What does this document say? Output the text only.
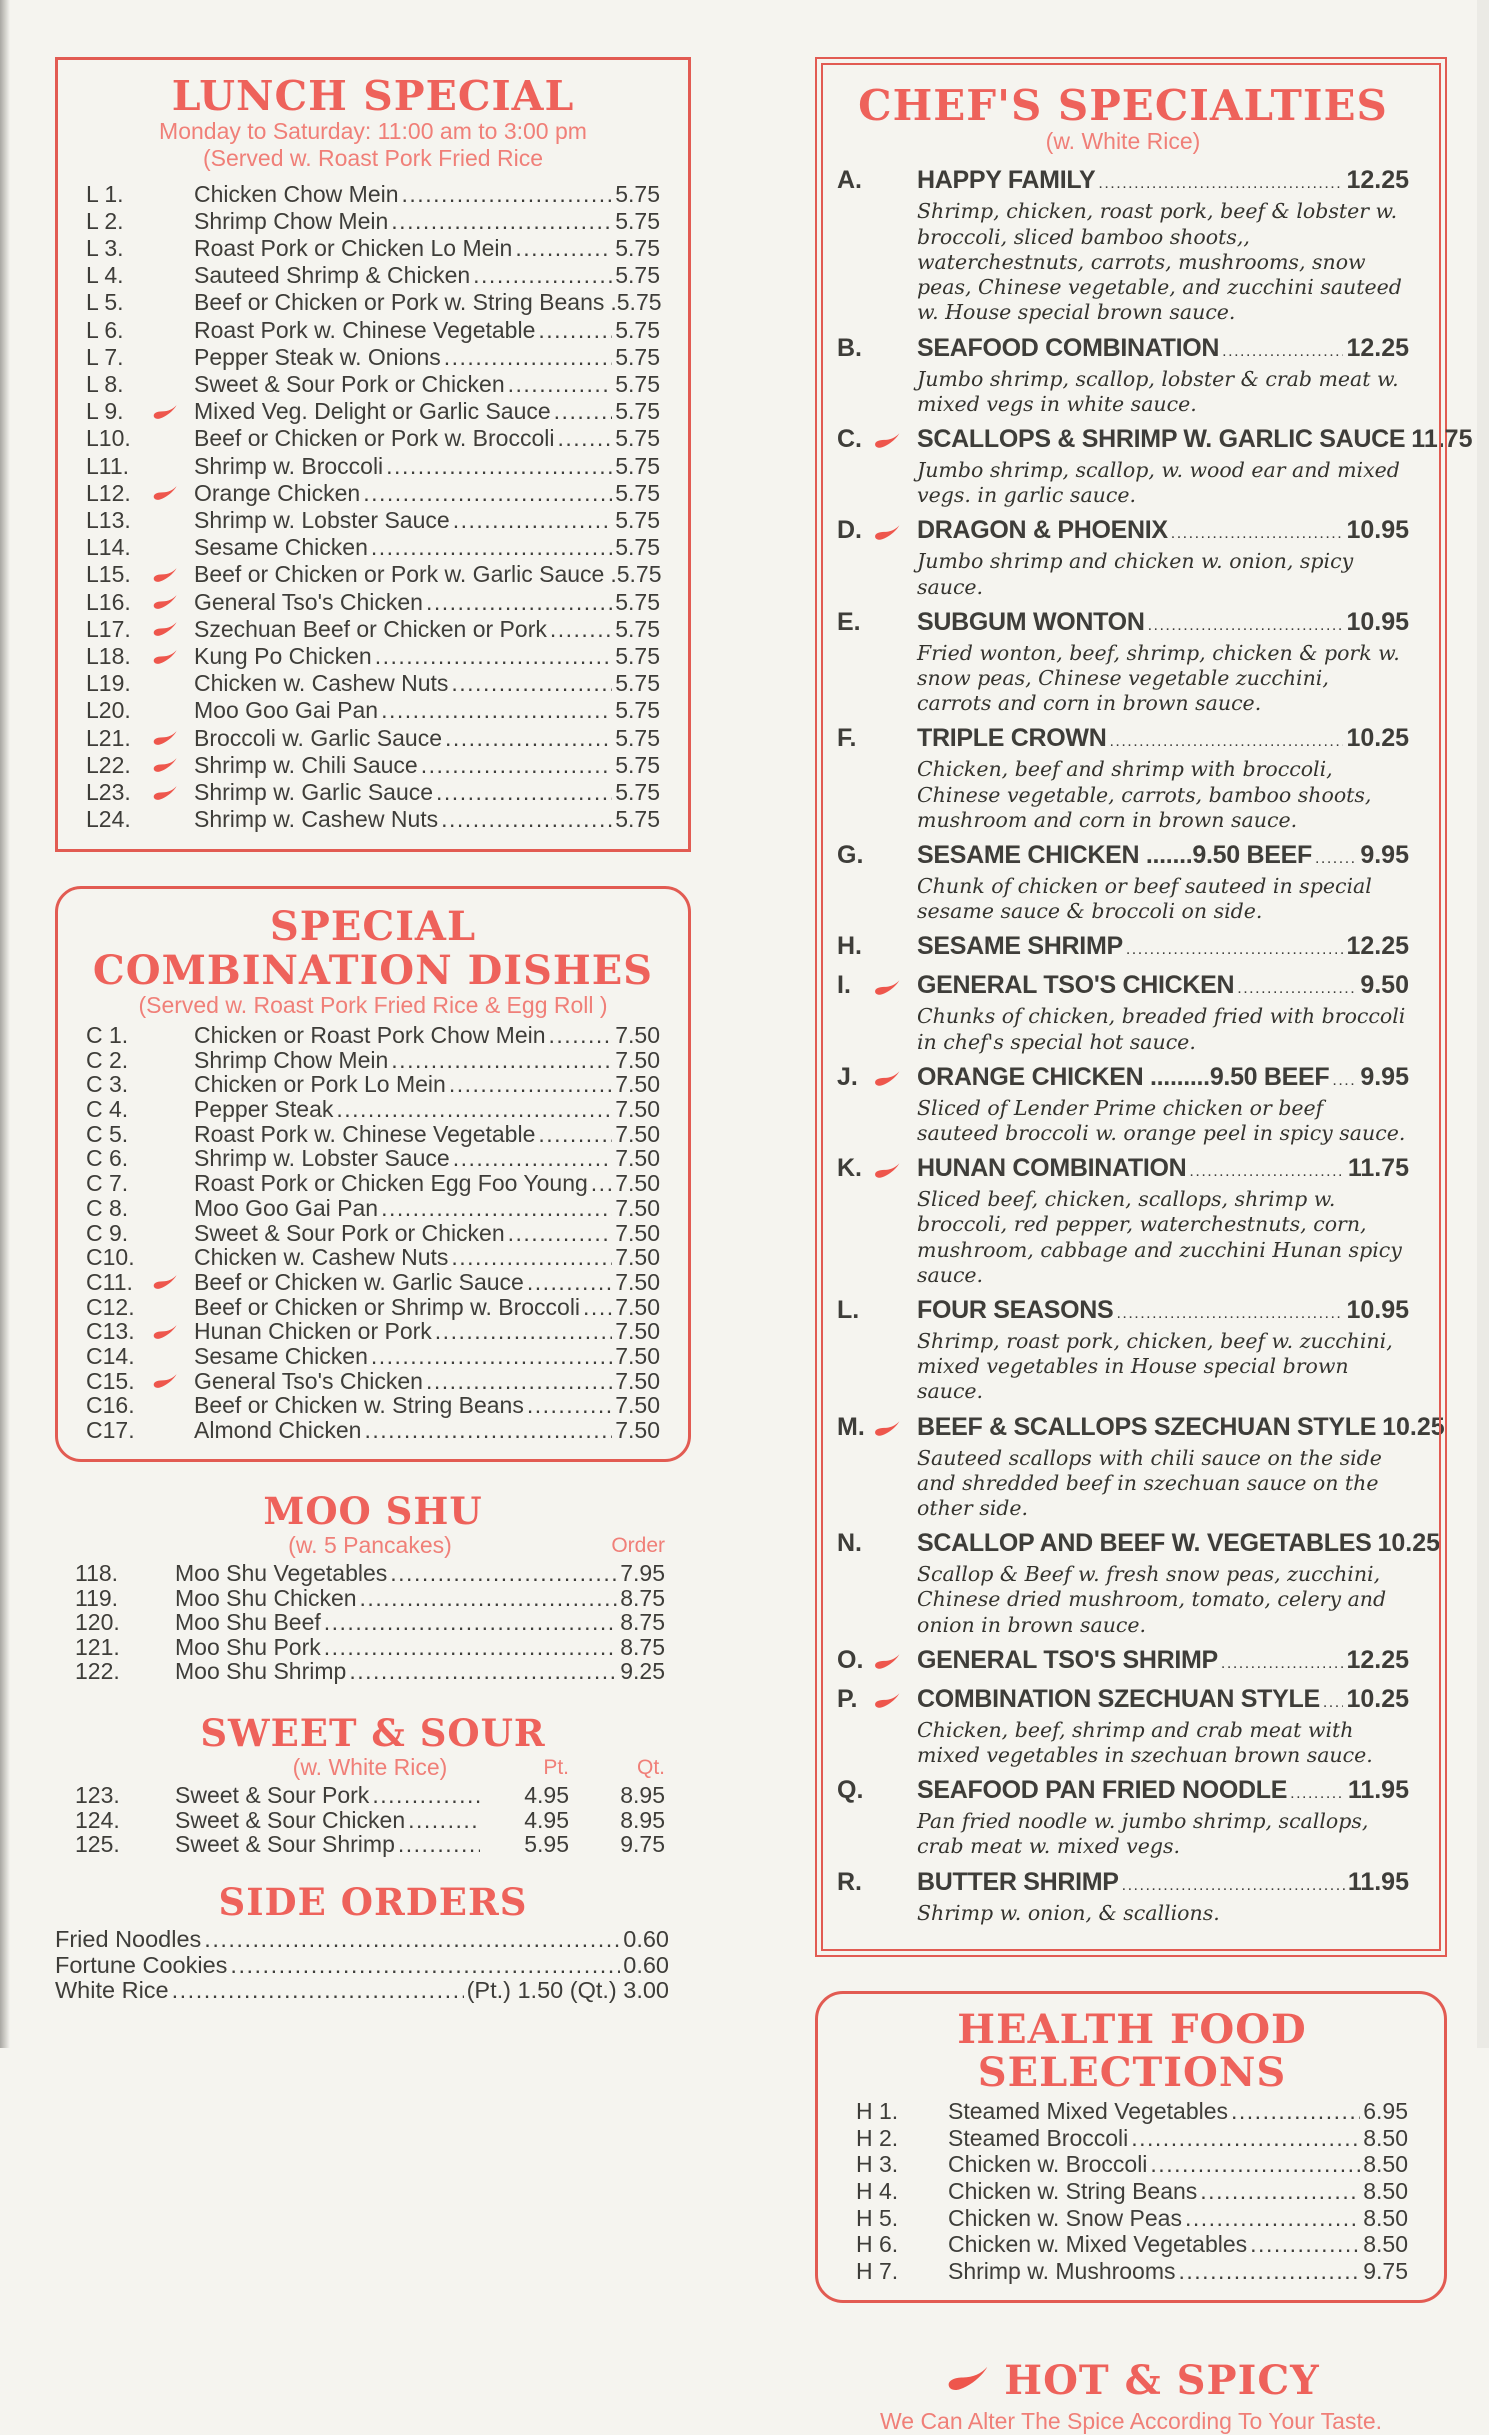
LUNCH SPECIAL
Monday to Saturday: 11:00 am to 3:00 pm
(Served w. Roast Pork Fried Rice
L 1.	Chicken Chow Mein .....	5.75
L 2.	Shrimp Chow Mein .....	5.75
L 3.	Roast Pork or Chicken Lo Mein .....	5.75
L 4.	Sauteed Shrimp & Chicken .....	5.75
L 5.	Beef or Chicken or Pork w. String Beans .5.75
L 6.	Roast Pork w. Chinese Vegetable .....	5.75
L 7.	Pepper Steak w. Onions .....	5.75
L 8.	Sweet & Sour Pork or Chicken .....	5.75
L 9.	Mixed Veg. Delight or Garlic Sauce .....	5.75
L10.	Beef or Chicken or Pork w. Broccoli .....	5.75
L11.	Shrimp w. Broccoli .....	5.75
L12.	Orange Chicken .....	5.75
L13.	Shrimp w. Lobster Sauce .....	5.75
L14.	Sesame Chicken .....	5.75
L15.	Beef or Chicken or Pork w. Garlic Sauce .5.75
L16.	General Tso's Chicken .....	5.75
L17.	Szechuan Beef or Chicken or Pork .....	5.75
L18.	Kung Po Chicken .....	5.75
L19.	Chicken w. Cashew Nuts .....	5.75
L20.	Moo Goo Gai Pan .....	5.75
L21.	Broccoli w. Garlic Sauce .....	5.75
L22.	Shrimp w. Chili Sauce .....	5.75
L23.	Shrimp w. Garlic Sauce .....	5.75
L24.	Shrimp w. Cashew Nuts .....	5.75
SPECIAL COMBINATION DISHES
(Served w. Roast Pork Fried Rice & Egg Roll )
C 1.	Chicken or Roast Pork Chow Mein .....	7.50
C 2.	Shrimp Chow Mein .....	7.50
C 3.	Chicken or Pork Lo Mein .....	7.50
C 4.	Pepper Steak .....	7.50
C 5.	Roast Pork w. Chinese Vegetable .....	7.50
C 6.	Shrimp w. Lobster Sauce .....	7.50
C 7.	Roast Pork or Chicken Egg Foo Young ..... 7.50
C 8.	Moo Goo Gai Pan .....	7.50
C 9.	Sweet & Sour Pork or Chicken .....	7.50
C10.	Chicken w. Cashew Nuts .....	7.50
C11.	Beef or Chicken w. Garlic Sauce .....	7.50
C12.	Beef or Chicken or Shrimp w. Broccoli ..... 7.50
C13.	Hunan Chicken or Pork .....	7.50
C14.	Sesame Chicken .....	7.50
C15.	General Tso's Chicken .....	7.50
C16.	Beef or Chicken w. String Beans .....	7.50
C17.	Almond Chicken .....	7.50
MOO SHU
(w. 5 Pancakes)	Order
118.	Moo Shu Vegetables .....	7.95
119.	Moo Shu Chicken .....	8.75
120.	Moo Shu Beef .....	8.75
121.	Moo Shu Pork .....	8.75
122.	Moo Shu Shrimp .....	9.25
SWEET & SOUR
(w. White Rice)	Pt.	Qt.
123.	Sweet & Sour Pork .....	4.95	8.95
124.	Sweet & Sour Chicken .....	4.95	8.95
125.	Sweet & Sour Shrimp .....	5.95	9.75
SIDE ORDERS
Fried Noodles .....	0.60
Fortune Cookies .....	0.60
White Rice .....	(Pt.) 1.50 (Qt.) 3.00
CHEF'S SPECIALTIES
(w. White Rice)
A.	HAPPY FAMILY .....	12.25
Shrimp, chicken, roast pork, beef & lobster w. broccoli, sliced bamboo shoots,, waterchestnuts, carrots, mushrooms, snow peas, Chinese vegetable, and zucchini sauteed w. House special brown sauce.
B.	SEAFOOD COMBINATION .....	12.25
Jumbo shrimp, scallop, lobster & crab meat w. mixed vegs in white sauce.
C.	SCALLOPS & SHRIMP W. GARLIC SAUCE 11.75
Jumbo shrimp, scallop, w. wood ear and mixed vegs. in garlic sauce.
D.	DRAGON & PHOENIX .....	10.95
Jumbo shrimp and chicken w. onion, spicy sauce.
E.	SUBGUM WONTON .....	10.95
Fried wonton, beef, shrimp, chicken & pork w. snow peas, Chinese vegetable zucchini, carrots and corn in brown sauce.
F.	TRIPLE CROWN .....	10.25
Chicken, beef and shrimp with broccoli, Chinese vegetable, carrots, bamboo shoots, mushroom and corn in brown sauce.
G.	SESAME CHICKEN .......9.50 BEEF ..... 9.95
Chunk of chicken or beef sauteed in special sesame sauce & broccoli on side.
H.	SESAME SHRIMP .....	12.25
I.	GENERAL TSO'S CHICKEN .....	9.50
Chunks of chicken, breaded fried with broccoli in chef's special hot sauce.
J.	ORANGE CHICKEN .........9.50 BEEF ..... 9.95
Sliced of Lender Prime chicken or beef sauteed broccoli w. orange peel in spicy sauce.
K.	HUNAN COMBINATION .....	11.75
Sliced beef, chicken, scallops, shrimp w. broccoli, red pepper, waterchestnuts, corn, mushroom, cabbage and zucchini Hunan spicy sauce.
L.	FOUR SEASONS .....	10.95
Shrimp, roast pork, chicken, beef w. zucchini, mixed vegetables in House special brown sauce.
M. BEEF & SCALLOPS SZECHUAN STYLE 10.25
Sauteed scallops with chili sauce on the side and shredded beef in szechuan sauce on the other side.
N.	SCALLOP AND BEEF W. VEGETABLES 10.25
Scallop & Beef w. fresh snow peas, zucchini, Chinese dried mushroom, tomato, celery and onion in brown sauce.
O.	GENERAL TSO'S SHRIMP .....	12.25
P.	COMBINATION SZECHUAN STYLE ..... 10.25
Chicken, beef, shrimp and crab meat with mixed vegetables in szechuan brown sauce.
Q.	SEAFOOD PAN FRIED NOODLE ..... 11.95
Pan fried noodle w. jumbo shrimp, scallops, crab meat w. mixed vegs.
R.	BUTTER SHRIMP .....	11.95
Shrimp w. onion, & scallions.
HEALTH FOOD SELECTIONS
H 1.	Steamed Mixed Vegetables .....	6.95
H 2.	Steamed Broccoli .....	8.50
H 3.	Chicken w. Broccoli .....	8.50
H 4.	Chicken w. String Beans .....	8.50
H 5.	Chicken w. Snow Peas .....	8.50
H 6.	Chicken w. Mixed Vegetables .....	8.50
H 7.	Shrimp w. Mushrooms .....	9.75
HOT & SPICY
We Can Alter The Spice According To Your Taste.
